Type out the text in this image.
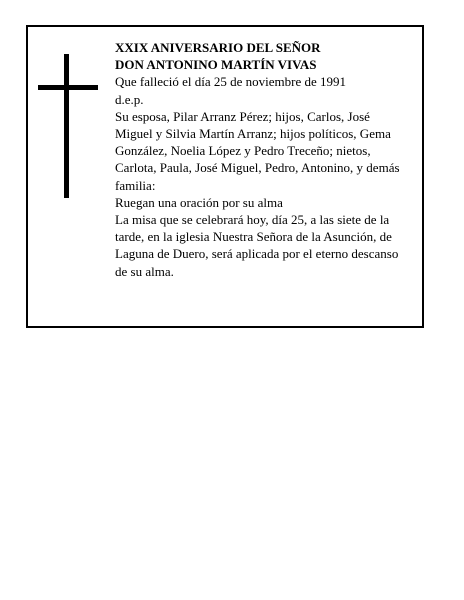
XXIX ANIVERSARIO DEL SEÑOR
DON ANTONINO MARTÍN VIVAS
Que falleció el día 25 de noviembre de 1991
d.e.p.
Su esposa, Pilar Arranz Pérez; hijos, Carlos, José
Miguel y Silvia Martín Arranz; hijos políticos, Gema
González, Noelia López y Pedro Treceño; nietos,
Carlota, Paula, José Miguel, Pedro, Antonino, y demás
familia:
Ruegan una oración por su alma
La misa que se celebrará hoy, día 25, a las siete de la
tarde, en la iglesia Nuestra Señora de la Asunción, de
Laguna de Duero, será aplicada por el eterno descanso
de su alma.
